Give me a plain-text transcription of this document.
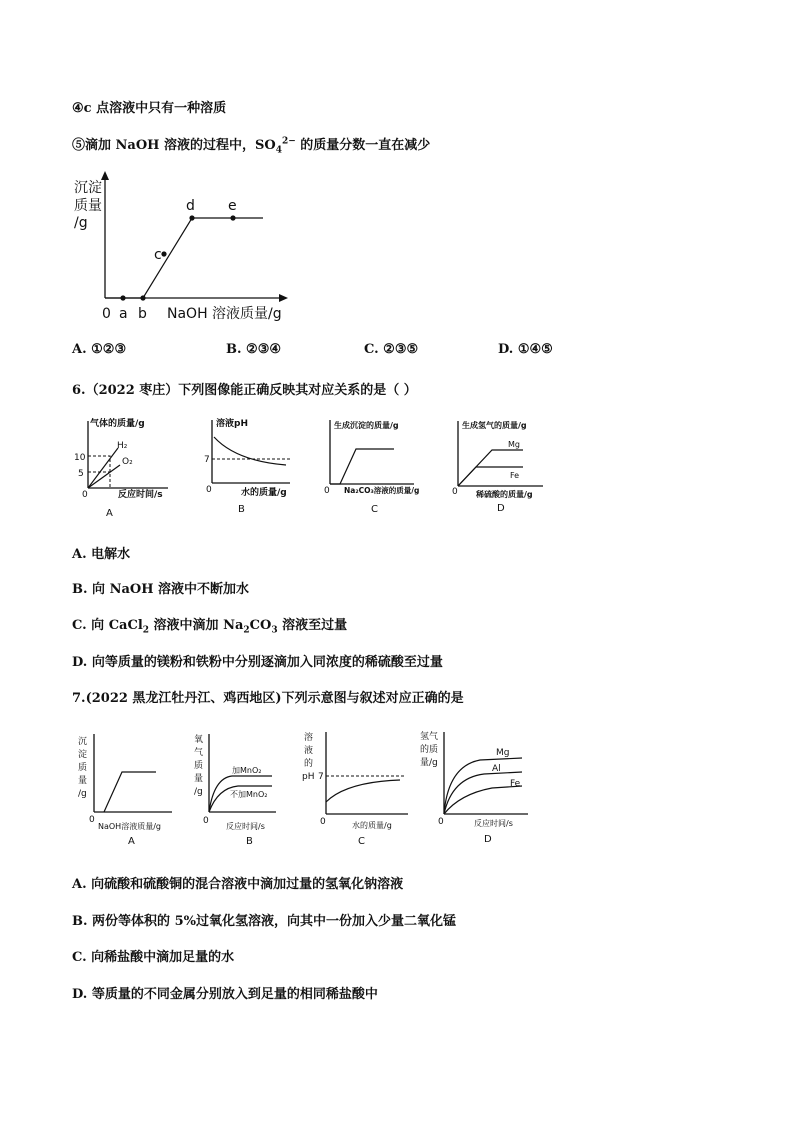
④c 点溶液中只有一种溶质
⑤滴加 NaOH 溶液的过程中，$SO_4^{2-}$ 的质量分数一直在减少
沉淀
质量
/g
c
d e
0 a b NaOH 溶液质量/g
A. ①②③	B. ②③④	C. ②③⑤	D. ①④⑤
6.（2022 枣庄）下列图像能正确反映其对应关系的是（ ）
气体的质量/g
10
5
H₂
O₂
0	反应时间/s
A
溶液pH
7
0	水的质量/g
B
生成沉淀的质量/g
0 Na₂CO₃溶液的质量/g
C
生成氢气的质量/g
Mg
Fe
0 稀硫酸的质量/g
D
A. 电解水
B. 向 NaOH 溶液中不断加水
C. 向 CaCl$_2$ 溶液中滴加 $Na_2CO_3$ 溶液至过量
D. 向等质量的镁粉和铁粉中分别逐滴加入同浓度的稀硫酸至过量
7.(2022 黑龙江牡丹江、鸡西地区)下列示意图与叙述对应正确的是
沉
淀
质
量
/g
0
NaOH溶液质量/g
A
氧
气
质
量
/g
加MnO₂
不加MnO₂
0
反应时间/s
B
溶
液
的
pH 7
0	水的质量/g
C
氢气
的质
量/g
Mg
Al
Fe
0	反应时间/s
D
A. 向硫酸和硫酸铜的混合溶液中滴加过量的氢氧化钠溶液
B. 两份等体积的 5%过氧化氢溶液，向其中一份加入少量二氧化锰
C. 向稀盐酸中滴加足量的水
D. 等质量的不同金属分别放入到足量的相同稀盐酸中
